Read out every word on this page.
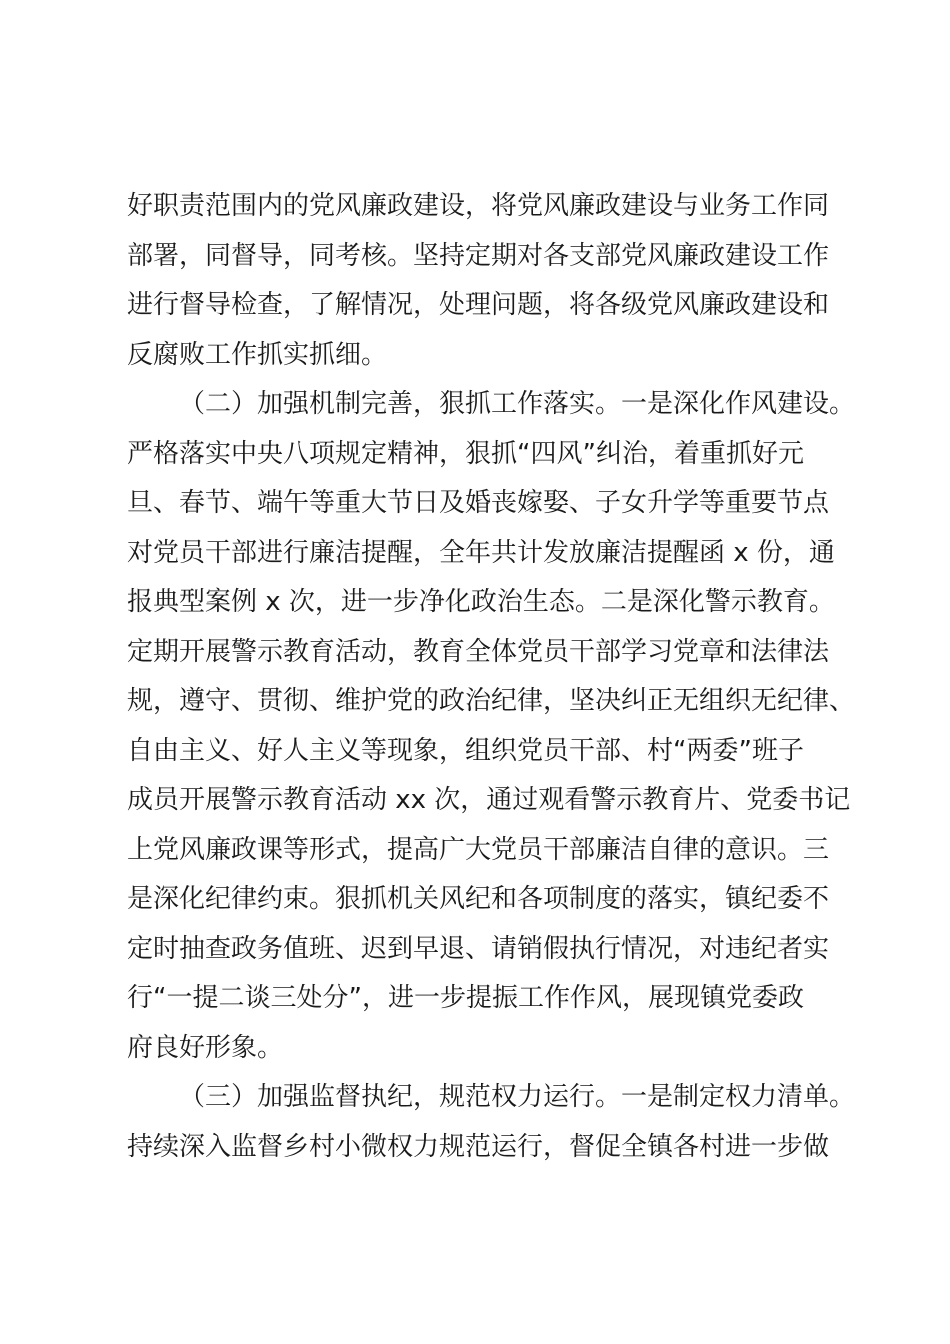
好职责范围内的党风廉政建设，将党风廉政建设与业务工作同
部署，同督导，同考核。坚持定期对各支部党风廉政建设工作
进行督导检查，了解情况，处理问题，将各级党风廉政建设和
反腐败工作抓实抓细。
（二）加强机制完善，狠抓工作落实。一是深化作风建设。
严格落实中央八项规定精神，狠抓“四风”纠治，着重抓好元
旦、春节、端午等重大节日及婚丧嫁娶、子女升学等重要节点
对党员干部进行廉洁提醒，全年共计发放廉洁提醒函 x 份，通
报典型案例 x 次，进一步净化政治生态。二是深化警示教育。
定期开展警示教育活动，教育全体党员干部学习党章和法律法
规，遵守、贯彻、维护党的政治纪律，坚决纠正无组织无纪律、
自由主义、好人主义等现象，组织党员干部、村“两委”班子
成员开展警示教育活动 xx 次，通过观看警示教育片、党委书记
上党风廉政课等形式，提高广大党员干部廉洁自律的意识。三
是深化纪律约束。狠抓机关风纪和各项制度的落实，镇纪委不
定时抽查政务值班、迟到早退、请销假执行情况，对违纪者实
行“一提二谈三处分”，进一步提振工作作风，展现镇党委政
府良好形象。
（三）加强监督执纪，规范权力运行。一是制定权力清单。
持续深入监督乡村小微权力规范运行，督促全镇各村进一步做
